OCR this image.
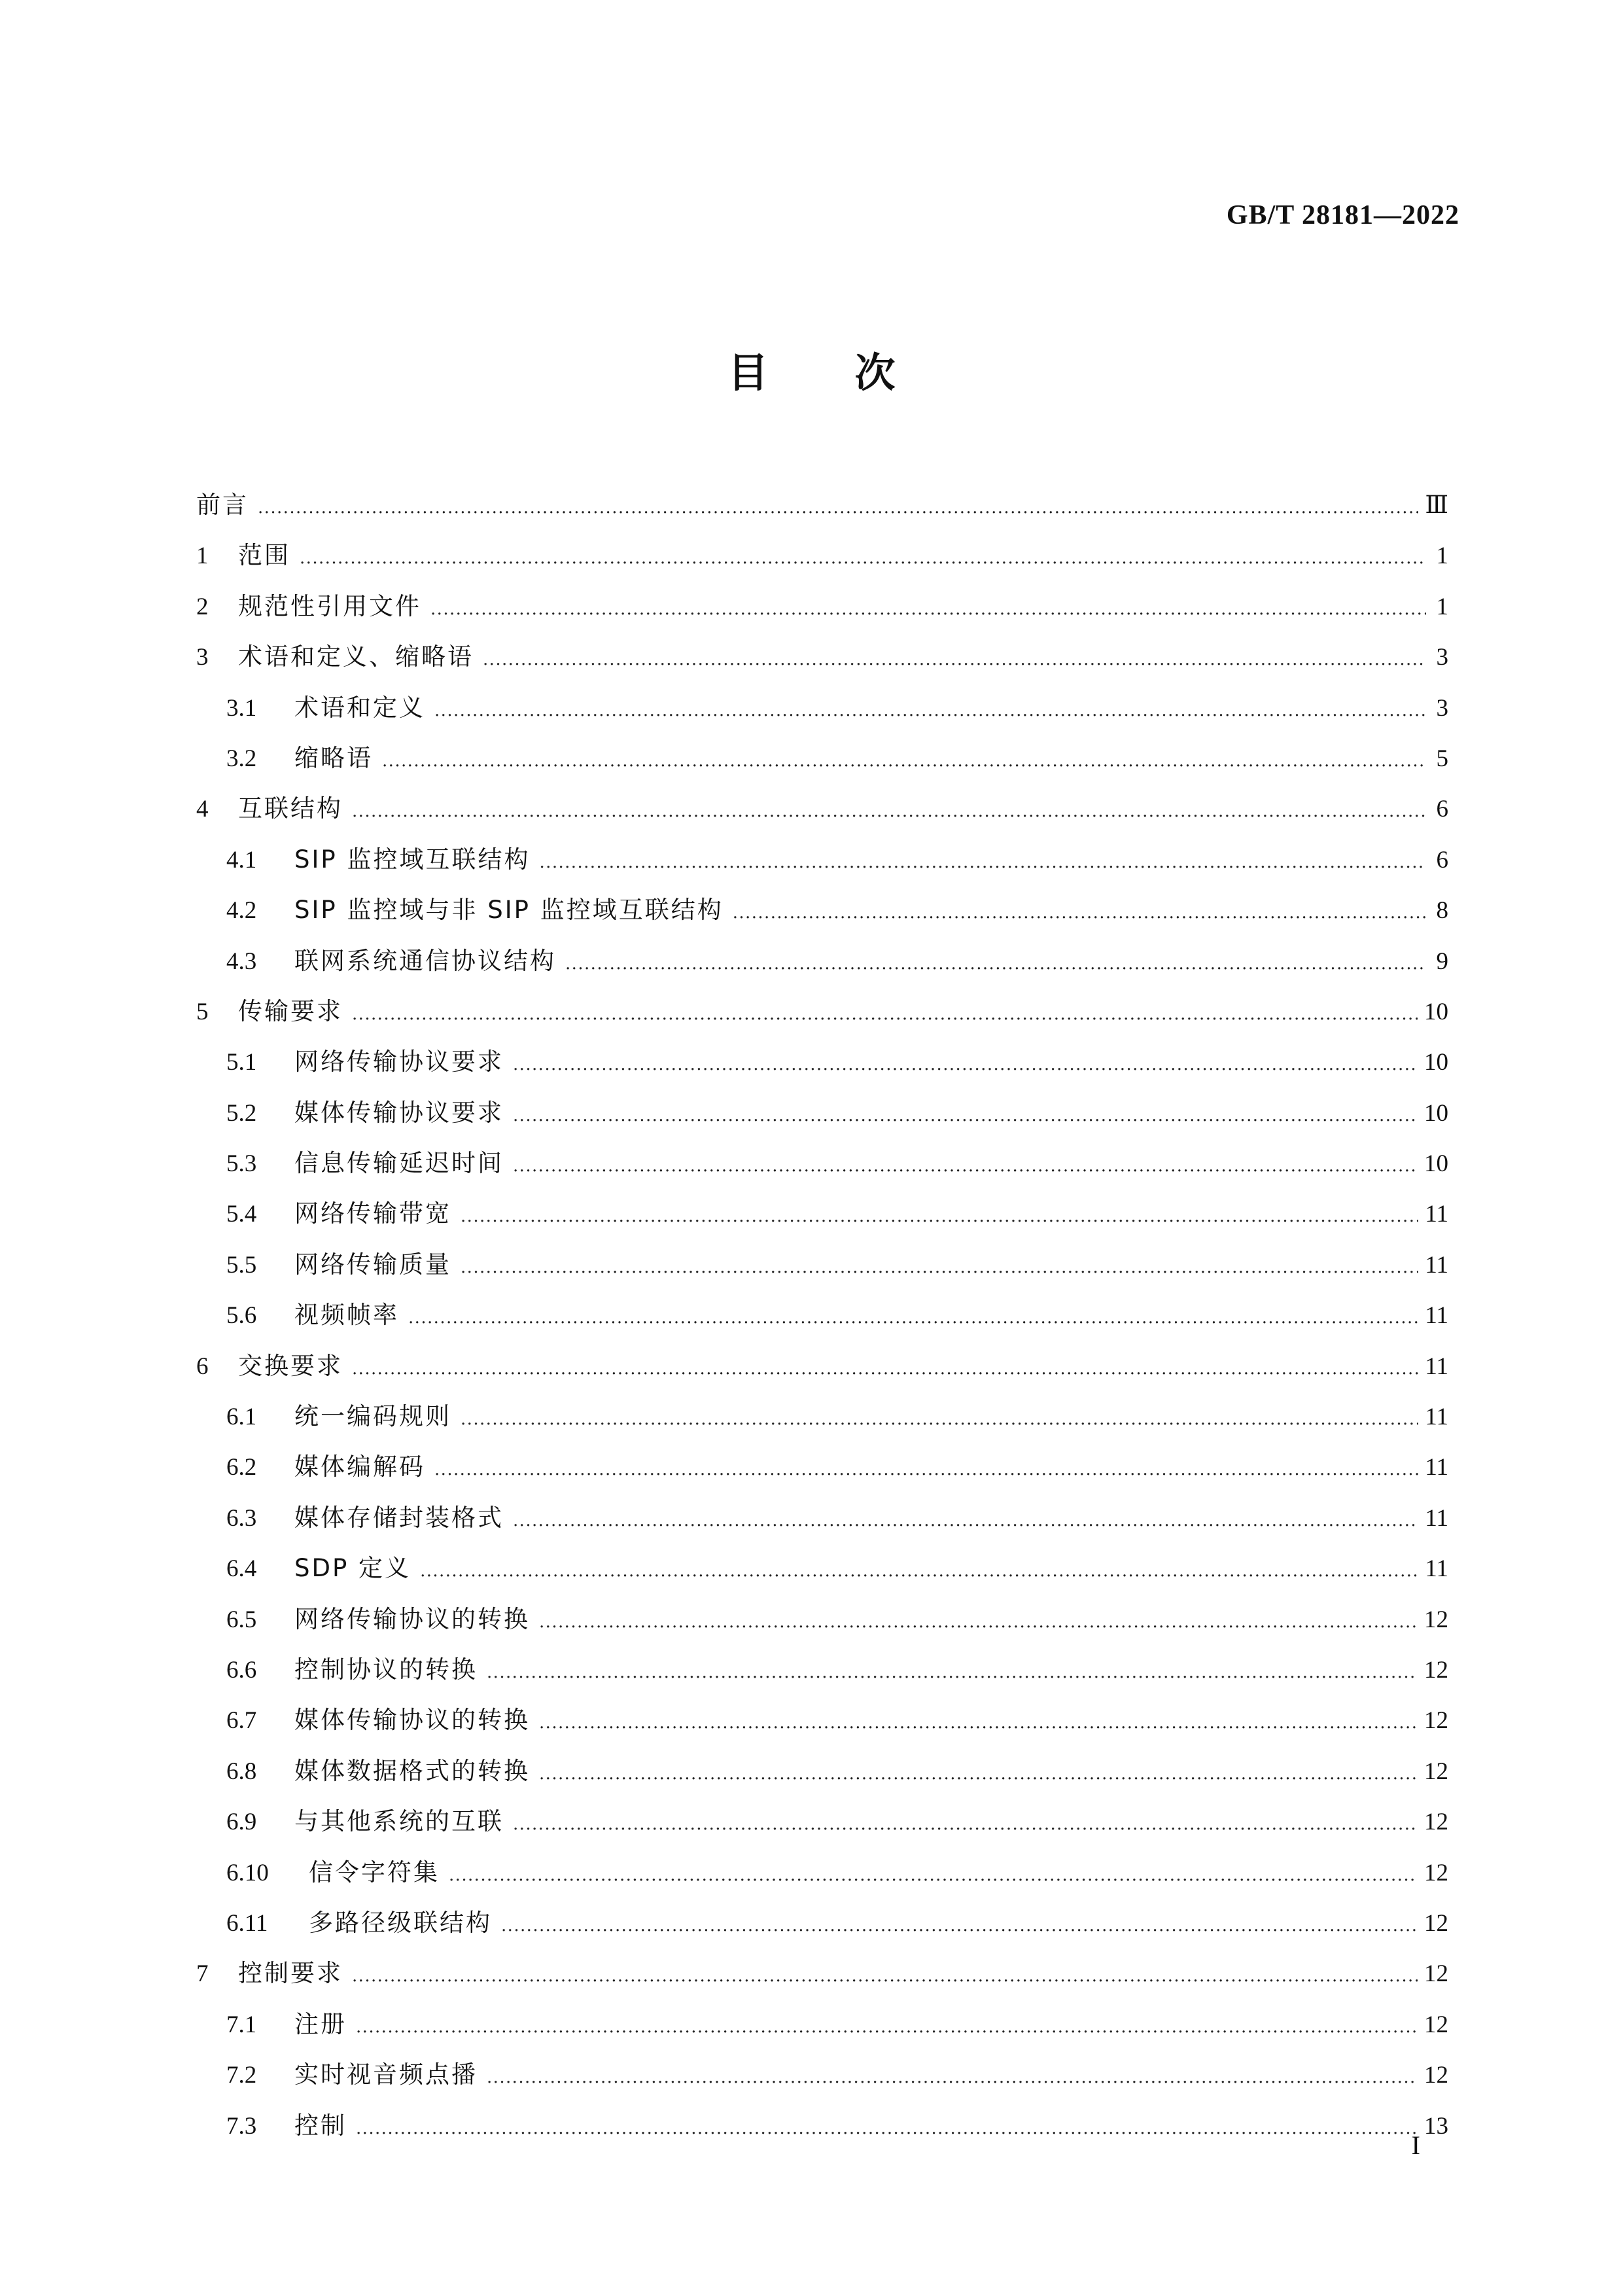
GB/T 28181—2022
目 次
前言 .....	Ⅲ
1	范围 .....	1
2	规范性引用文件 .....	1
3	术语和定义、缩略语 .....	3
3.1	术语和定义 .....	3
3.2	缩略语 .....	5
4	互联结构 .....	6
4.1	SIP 监控域互联结构 .....	6
4.2	SIP 监控域与非 SIP 监控域互联结构 .....	8
4.3	联网系统通信协议结构 .....	9
5	传输要求 .....	10
5.1	网络传输协议要求 .....	10
5.2	媒体传输协议要求 .....	10
5.3	信息传输延迟时间 .....	10
5.4	网络传输带宽 .....	11
5.5	网络传输质量 .....	11
5.6	视频帧率 .....	11
6	交换要求 .....	11
6.1	统一编码规则 .....	11
6.2	媒体编解码 .....	11
6.3	媒体存储封装格式 .....	11
6.4	SDP 定义 .....	11
6.5	网络传输协议的转换 .....	12
6.6	控制协议的转换 .....	12
6.7	媒体传输协议的转换 .....	12
6.8	媒体数据格式的转换 .....	12
6.9	与其他系统的互联 .....	12
6.10	信令字符集 .....	12
6.11	多路径级联结构 .....	12
7	控制要求 .....	12
7.1	注册 .....	12
7.2	实时视音频点播 .....	12
7.3	控制 .....	13
I
